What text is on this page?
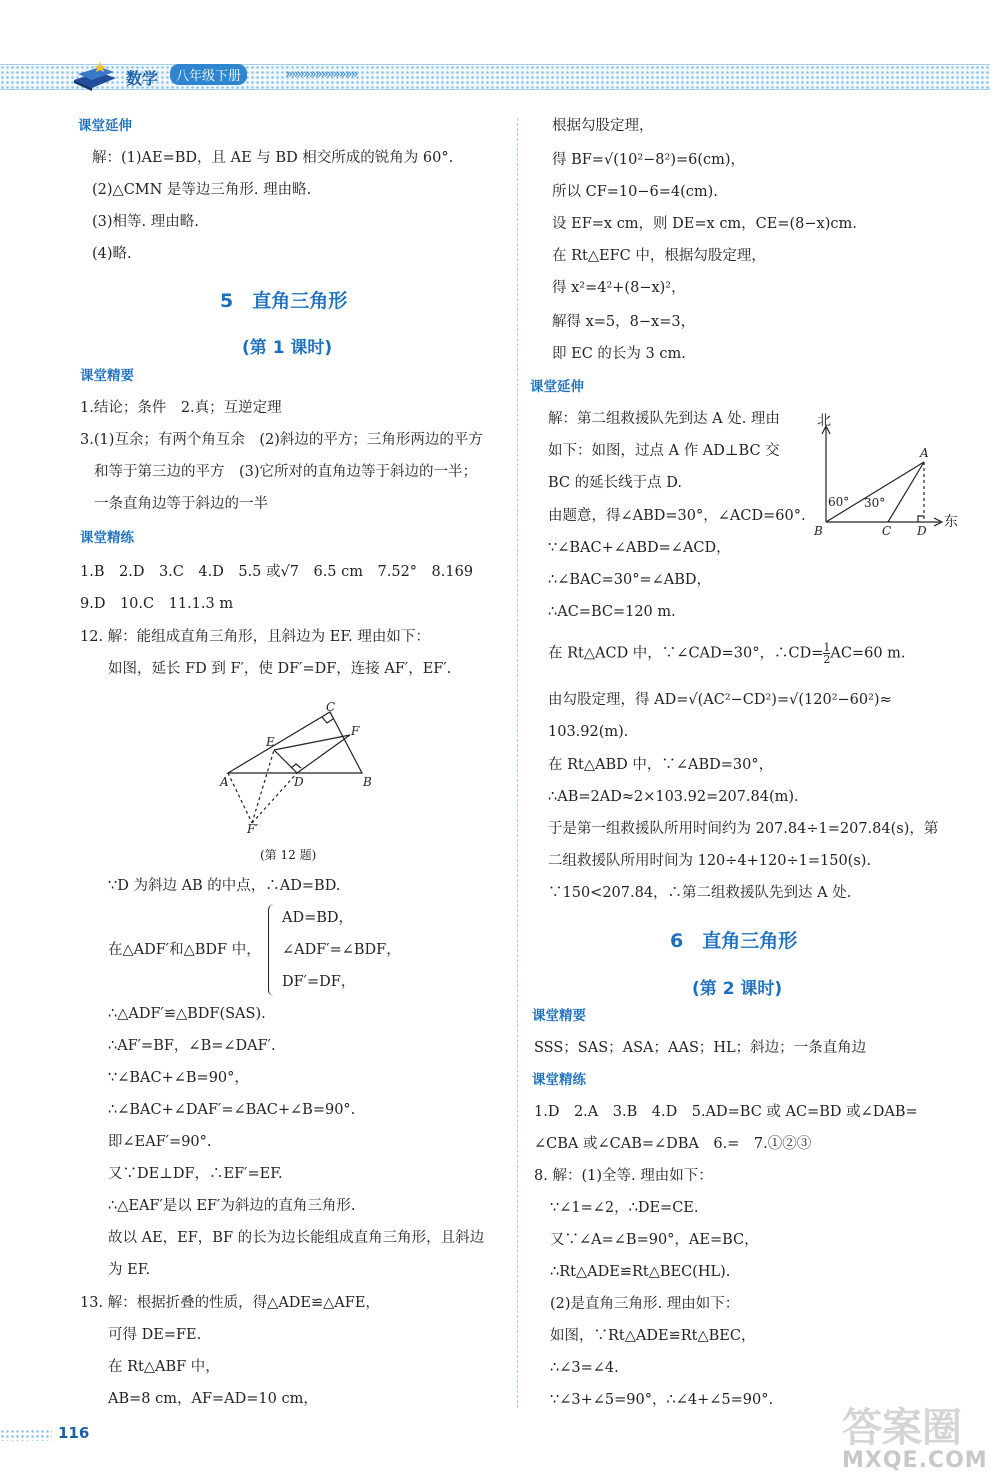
数学	八年级下册	»»»»»»»»»»»»
课堂延伸
解：(1)AE=BD，且 AE 与 BD 相交所成的锐角为 60°.
(2)△CMN 是等边三角形. 理由略.
(3)相等. 理由略.
(4)略.
5　直角三角形
(第 1 课时)
课堂精要
1.结论；条件　2.真；互逆定理
3.(1)互余；有两个角互余　(2)斜边的平方；三角形两边的平方
和等于第三边的平方　(3)它所对的直角边等于斜边的一半；
一条直角边等于斜边的一半
课堂精练
1.B　2.D　3.C　4.D　5.5 或√7　6.5 cm　7.52°　8.169
9.D　10.C　11.1.3 m
12. 解：能组成直角三角形，且斜边为 EF. 理由如下：
如图，延长 FD 到 F′，使 DF′=DF，连接 AF′，EF′.
A	B
C
D
E
F
F′
(第 12 题)
∵D 为斜边 AB 的中点，∴AD=BD.
在△ADF′和△BDF 中，
AD=BD，
∠ADF′=∠BDF，
DF′=DF，
∴△ADF′≌△BDF(SAS).
∴AF′=BF，∠B=∠DAF′.
∵∠BAC+∠B=90°，
∴∠BAC+∠DAF′=∠BAC+∠B=90°.
即∠EAF′=90°.
又∵DE⊥DF，∴EF′=EF.
∴△EAF′是以 EF′为斜边的直角三角形.
故以 AE，EF，BF 的长为边长能组成直角三角形，且斜边
为 EF.
13. 解：根据折叠的性质，得△ADE≌△AFE，
可得 DE=FE.
在 Rt△ABF 中，
AB=8 cm，AF=AD=10 cm，
根据勾股定理，
得 BF=√(10²−8²)=6(cm)，
所以 CF=10−6=4(cm).
设 EF=x cm，则 DE=x cm，CE=(8−x)cm.
在 Rt△EFC 中，根据勾股定理，
得 x²=4²+(8−x)²，
解得 x=5，8−x=3，
即 EC 的长为 3 cm.
课堂延伸
解：第二组救援队先到达 A 处. 理由
如下：如图，过点 A 作 AD⊥BC 交
BC 的延长线于点 D.
由题意，得∠ABD=30°，∠ACD=60°.
北
东
A
B	C D
60° 30°
∵∠BAC+∠ABD=∠ACD，
∴∠BAC=30°=∠ABD，
∴AC=BC=120 m.
在 Rt△ACD 中，∵∠CAD=30°，∴CD= $\frac{1}{2} AC=60$ m.
由勾股定理，得 AD=√(AC²−CD²)=√(120²−60²)≈
103.92(m).
在 Rt△ABD 中，∵∠ABD=30°，
∴AB=2AD≈2×103.92=207.84(m).
于是第一组救援队所用时间约为 207.84÷1=207.84(s)，第
二组救援队所用时间为 120÷4+120÷1=150(s).
∵150<207.84，∴第二组救援队先到达 A 处.
6　直角三角形
(第 2 课时)
课堂精要
SSS；SAS；ASA；AAS；HL；斜边；一条直角边
课堂精练
1.D　2.A　3.B　4.D　5.AD=BC 或 AC=BD 或∠DAB=
∠CBA 或∠CAB=∠DBA　6.=　7.①②③
8. 解：(1)全等. 理由如下：
∵∠1=∠2，∴DE=CE.
又∵∠A=∠B=90°，AE=BC，
∴Rt△ADE≌Rt△BEC(HL).
(2)是直角三角形. 理由如下：
如图，∵Rt△ADE≌Rt△BEC，
∴∠3=∠4.
∵∠3+∠5=90°，∴∠4+∠5=90°.
116	答案圈
MXQE.COM
